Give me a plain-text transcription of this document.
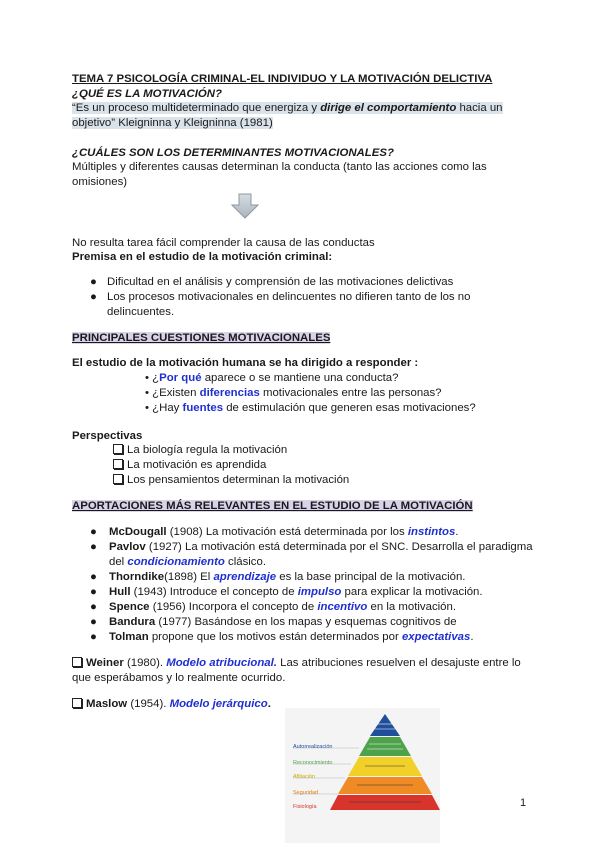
TEMA 7 PSICOLOGÍA CRIMINAL-EL INDIVIDUO Y LA MOTIVACIÓN DELICTIVA
¿QUÉ ES LA MOTIVACIÓN?
“Es un proceso multideterminado que energiza y dirige el comportamiento hacia un
objetivo” Kleigninna y Kleigninna (1981)
¿CUÁLES SON LOS DETERMINANTES MOTIVACIONALES?
Múltiples y diferentes causas determinan la conducta (tanto las acciones como las
omisiones)
No resulta tarea fácil comprender la causa de las conductas
Premisa en el estudio de la motivación criminal:
● Dificultad en el análisis y comprensión de las motivaciones delictivas
● Los procesos motivacionales en delincuentes no difieren tanto de los no
delincuentes.
PRINCIPALES CUESTIONES MOTIVACIONALES
El estudio de la motivación humana se ha dirigido a responder :
• ¿Por qué aparece o se mantiene una conducta?
• ¿Existen diferencias motivacionales entre las personas?
• ¿Hay fuentes de estimulación que generen esas motivaciones?
Perspectivas
La biología regula la motivación
La motivación es aprendida
Los pensamientos determinan la motivación
APORTACIONES MÁS RELEVANTES EN EL ESTUDIO DE LA MOTIVACIÓN
● McDougall (1908) La motivación está determinada por los instintos.
● Pavlov (1927) La motivación está determinada por el SNC. Desarrolla el paradigma
del condicionamiento clásico.
● Thorndike(1898) El aprendizaje es la base principal de la motivación.
● Hull (1943) Introduce el concepto de impulso para explicar la motivación.
● Spence (1956) Incorpora el concepto de incentivo en la motivación.
● Bandura (1977) Basándose en los mapas y esquemas cognitivos de
● Tolman propone que los motivos están determinados por expectativas.
Weiner (1980). Modelo atribucional. Las atribuciones resuelven el desajuste entre lo
que esperábamos y lo realmente ocurrido.
Maslow (1954). Modelo jerárquico.
Autorrealización
Reconocimiento
Afiliación
Seguridad
Fisiología	1
